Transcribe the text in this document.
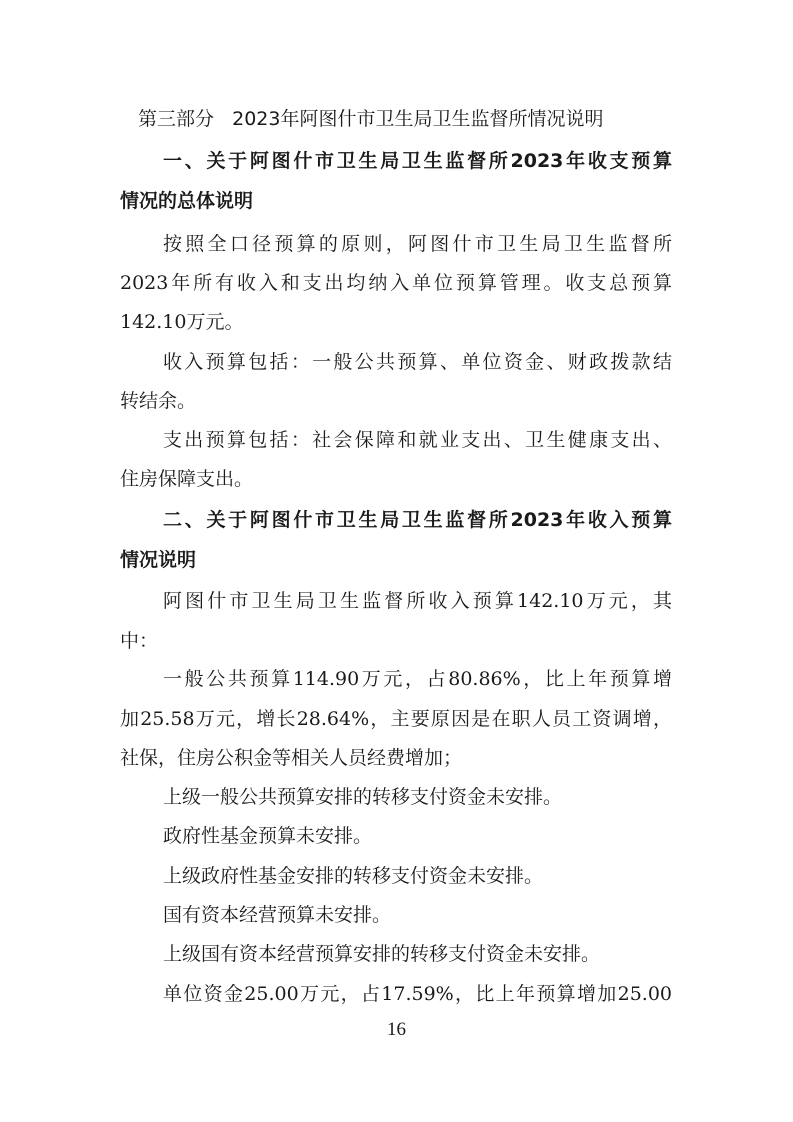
第三部分   2023年阿图什市卫生局卫生监督所情况说明
一、关于阿图什市卫生局卫生监督所2023年收支预算
情况的总体说明
按照全口径预算的原则，阿图什市卫生局卫生监督所
2023年所有收入和支出均纳入单位预算管理。收支总预算
142.10万元。
收入预算包括：一般公共预算、单位资金、财政拨款结
转结余。
支出预算包括：社会保障和就业支出、卫生健康支出、
住房保障支出。
二、关于阿图什市卫生局卫生监督所2023年收入预算
情况说明
阿图什市卫生局卫生监督所收入预算142.10万元，其
中：
一般公共预算114.90万元，占80.86%，比上年预算增
加25.58万元，增长28.64%，主要原因是在职人员工资调增，
社保，住房公积金等相关人员经费增加；
上级一般公共预算安排的转移支付资金未安排。
政府性基金预算未安排。
上级政府性基金安排的转移支付资金未安排。
国有资本经营预算未安排。
上级国有资本经营预算安排的转移支付资金未安排。
单位资金25.00万元，占17.59%，比上年预算增加25.00
16
